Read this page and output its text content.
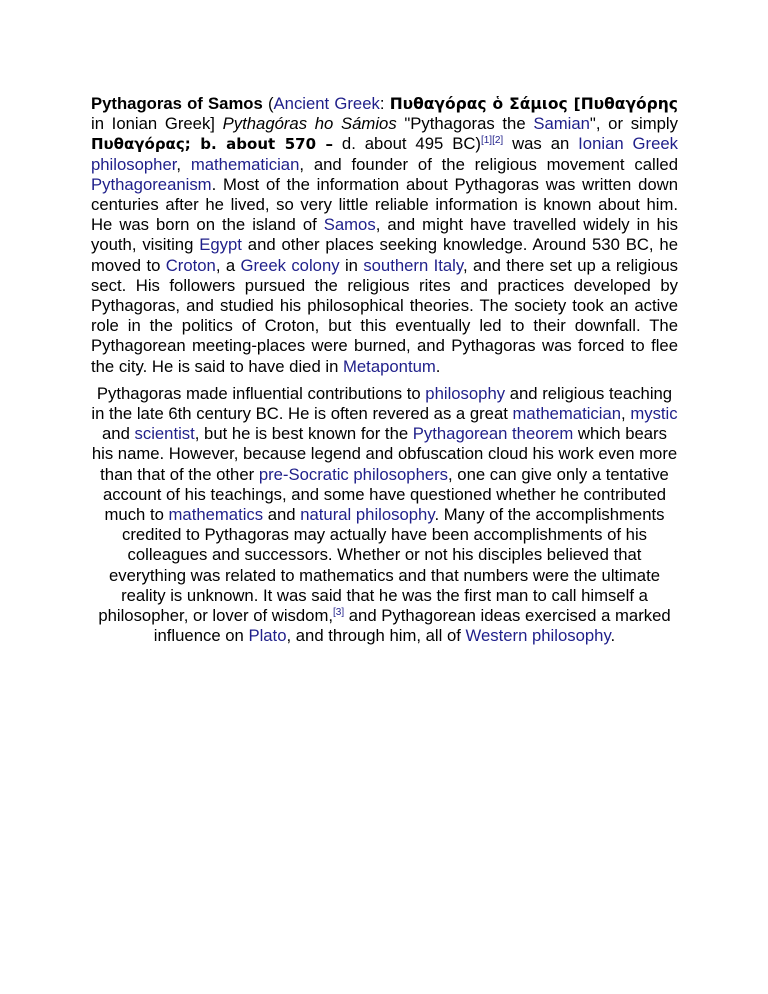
Pythagoras of Samos (Ancient Greek: Πυθαγόρας ὁ Σάμιος [Πυθαγόρης in Ionian Greek] Pythagóras ho Sámios "Pythagoras the Samian", or simply Πυθαγόρας; b. about 570 – d. about 495 BC)[1][2] was an Ionian Greek philosopher, mathematician, and founder of the religious movement called Pythagoreanism. Most of the information about Pythagoras was written down centuries after he lived, so very little reliable information is known about him. He was born on the island of Samos, and might have travelled widely in his youth, visiting Egypt and other places seeking knowledge. Around 530 BC, he moved to Croton, a Greek colony in southern Italy, and there set up a religious sect. His followers pursued the religious rites and practices developed by Pythagoras, and studied his philosophical theories. The society took an active role in the politics of Croton, but this eventually led to their downfall. The Pythagorean meeting-places were burned, and Pythagoras was forced to flee the city. He is said to have died in Metapontum.

Pythagoras made influential contributions to philosophy and religious teaching in the late 6th century BC. He is often revered as a great mathematician, mystic and scientist, but he is best known for the Pythagorean theorem which bears his name. However, because legend and obfuscation cloud his work even more than that of the other pre-Socratic philosophers, one can give only a tentative account of his teachings, and some have questioned whether he contributed much to mathematics and natural philosophy. Many of the accomplishments credited to Pythagoras may actually have been accomplishments of his colleagues and successors. Whether or not his disciples believed that everything was related to mathematics and that numbers were the ultimate reality is unknown. It was said that he was the first man to call himself a philosopher, or lover of wisdom,[3] and Pythagorean ideas exercised a marked influence on Plato, and through him, all of Western philosophy.
